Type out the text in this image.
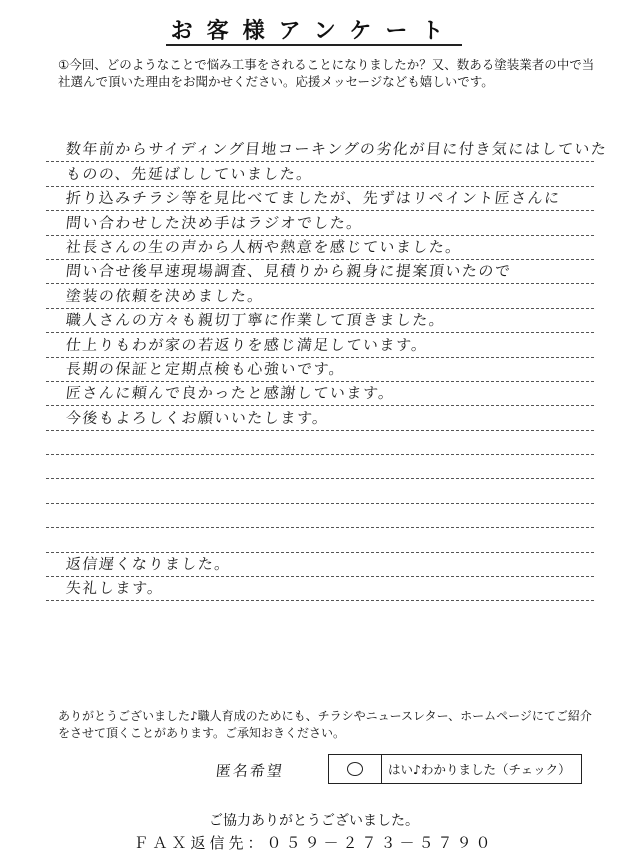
お客様アンケート
①今回、どのようなことで悩み工事をされることになりましたか？又、数ある塗装業者の中で当社選んで頂いた理由をお聞かせください。応援メッセージなども嬉しいです。
数年前からサイディング目地コーキングの劣化が目に付き気にはしていた
ものの、先延ばししていました。
折り込みチラシ等を見比べてましたが、先ずはリペイント匠さんに
問い合わせした決め手はラジオでした。
社長さんの生の声から人柄や熱意を感じていました。
問い合せ後早速現場調査、見積りから親身に提案頂いたので
塗装の依頼を決めました。
職人さんの方々も親切丁寧に作業して頂きました。
仕上りもわが家の若返りを感じ満足しています。
長期の保証と定期点検も心強いです。
匠さんに頼んで良かったと感謝しています。
今後もよろしくお願いいたします。
返信遅くなりました。
失礼します。
ありがとうございました♪職人育成のためにも、チラシやニュースレター、ホームページにてご紹介をさせて頂くことがあります。ご承知おきください。
匿名希望	はい♪わかりました（チェック）
ご協力ありがとうございました。
ＦＡＸ返信先：０５９－２７３－５７９０
